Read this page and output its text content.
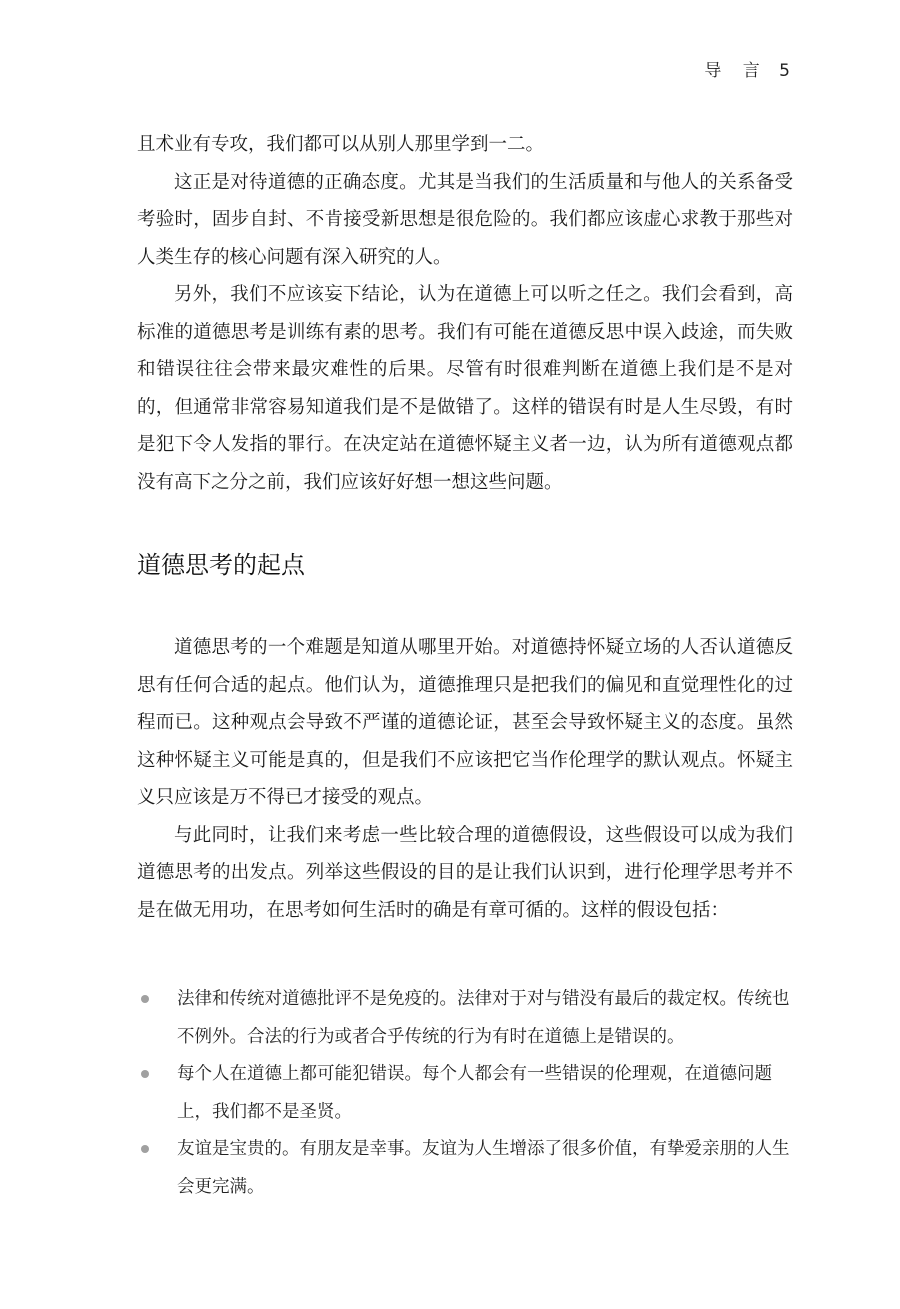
导 言 5

且术业有专攻，我们都可以从别人那里学到一二。

这正是对待道德的正确态度。尤其是当我们的生活质量和与他人的关系备受考验时，固步自封、不肯接受新思想是很危险的。我们都应该虚心求教于那些对人类生存的核心问题有深入研究的人。

另外，我们不应该妄下结论，认为在道德上可以听之任之。我们会看到，高标准的道德思考是训练有素的思考。我们有可能在道德反思中误入歧途，而失败和错误往往会带来最灾难性的后果。尽管有时很难判断在道德上我们是不是对的，但通常非常容易知道我们是不是做错了。这样的错误有时是人生尽毁，有时是犯下令人发指的罪行。在决定站在道德怀疑主义者一边，认为所有道德观点都没有高下之分之前，我们应该好好想一想这些问题。

道德思考的起点

道德思考的一个难题是知道从哪里开始。对道德持怀疑立场的人否认道德反思有任何合适的起点。他们认为，道德推理只是把我们的偏见和直觉理性化的过程而已。这种观点会导致不严谨的道德论证，甚至会导致怀疑主义的态度。虽然这种怀疑主义可能是真的，但是我们不应该把它当作伦理学的默认观点。怀疑主义只应该是万不得已才接受的观点。

与此同时，让我们来考虑一些比较合理的道德假设，这些假设可以成为我们道德思考的出发点。列举这些假设的目的是让我们认识到，进行伦理学思考并不是在做无用功，在思考如何生活时的确是有章可循的。这样的假设包括：

法律和传统对道德批评不是免疫的。法律对于对与错没有最后的裁定权。传统也不例外。合法的行为或者合乎传统的行为有时在道德上是错误的。
每个人在道德上都可能犯错误。每个人都会有一些错误的伦理观，在道德问题上，我们都不是圣贤。
友谊是宝贵的。有朋友是幸事。友谊为人生增添了很多价值，有挚爱亲朋的人生会更完满。
